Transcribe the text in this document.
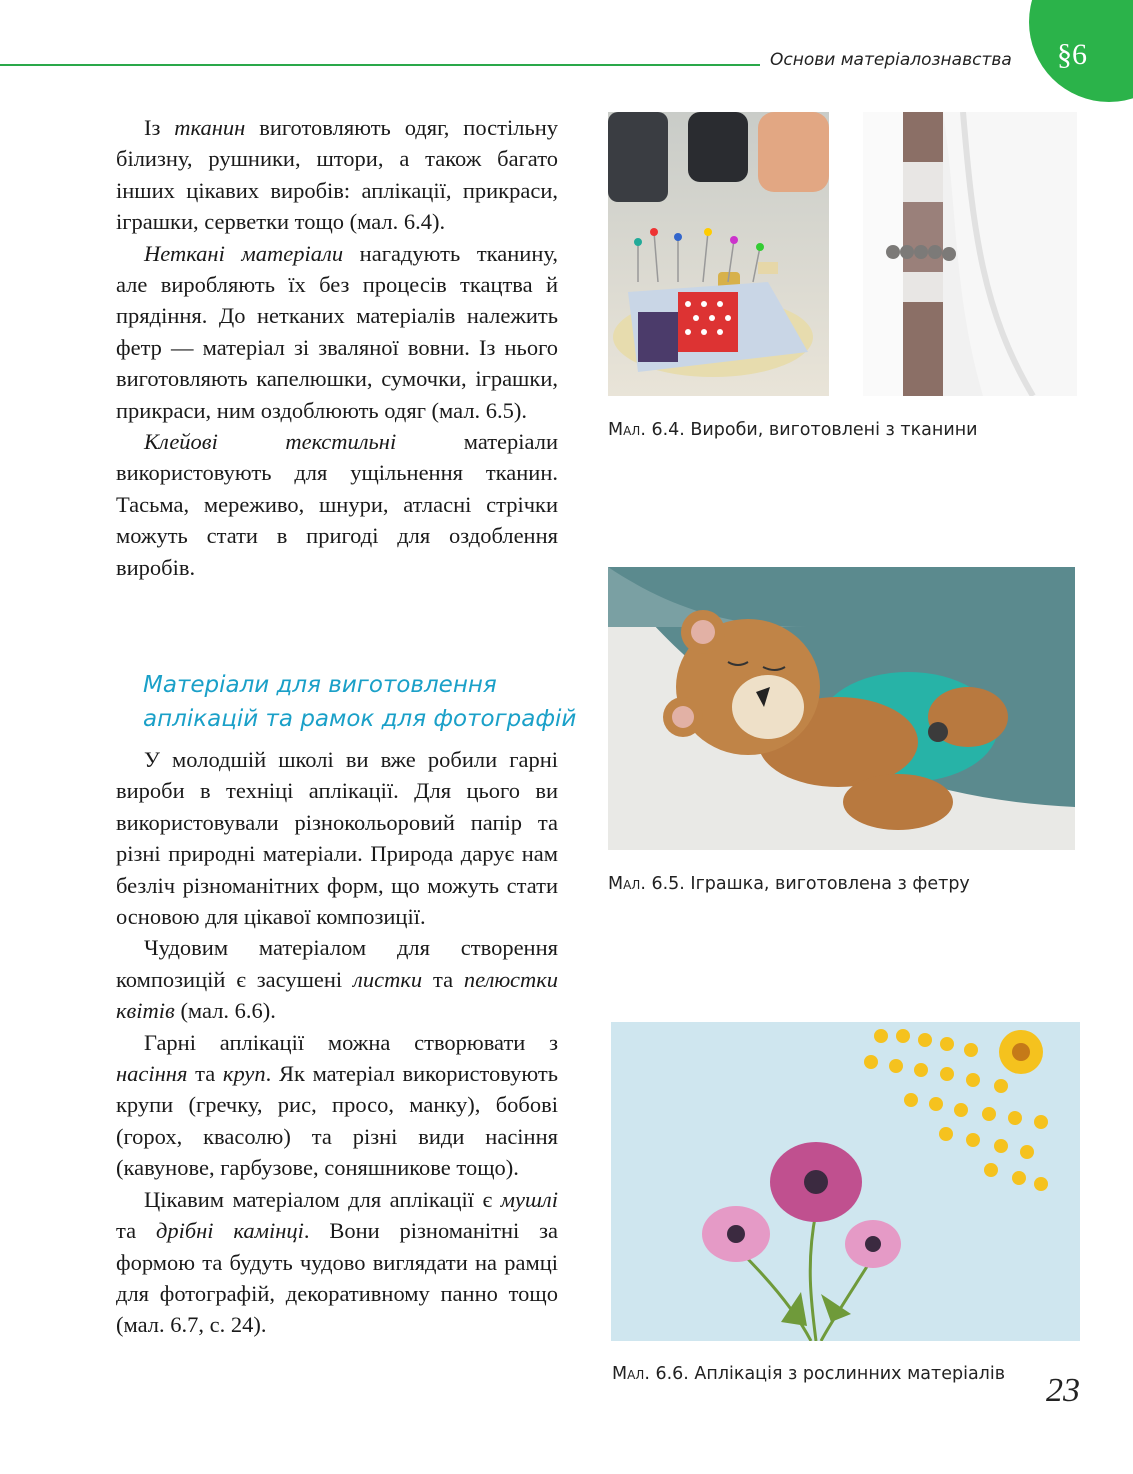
Основи матеріалознавства §6

Із тканин виготовляють одяг, постільну білизну, рушники, штори, а також багато інших цікавих виробів: аплікації, прикраси, іграшки, серветки тощо (мал. 6.4).

Нетканi матеріали нагадують тканину, але виробляють їх без процесів ткацтва й прядіння. До нетканих матеріалів належить фетр — матеріал зі зваляної вовни. Із нього виготовляють капелюшки, сумочки, іграшки, прикраси, ним оздоблюють одяг (мал. 6.5).

Клейові текстильні матеріали використовують для ущільнення тканин. Тасьма, мереживо, шнури, атласні стрічки можуть стати в пригоді для оздоблення виробів.

Матеріали для виготовлення
аплікацій та рамок для фотографій

У молодшій школі ви вже робили гарні вироби в техніці аплікації. Для цього ви використовували різнокольоровий папір та різні природні матеріали. Природа дарує нам безліч різноманітних форм, що можуть стати основою для цікавої композиції.

Чудовим матеріалом для створення композицій є засушені листки та пелюстки квітів (мал. 6.6).

Гарні аплікації можна створювати з насіння та круп. Як матеріал використовують крупи (гречку, рис, просо, манку), бобові (горох, квасолю) та різні види насіння (кавунове, гарбузове, соняшникове тощо).

Цікавим матеріалом для аплікації є мушлі та дрібні камінці. Вони різноманітні за формою та будуть чудово виглядати на рамці для фотографій, декоративному панно тощо (мал. 6.7, с. 24).

Мал. 6.4. Вироби, виготовлені з тканини
Мал. 6.5. Іграшка, виготовлена з фетру
Мал. 6.6. Аплікація з рослинних матеріалів 23
